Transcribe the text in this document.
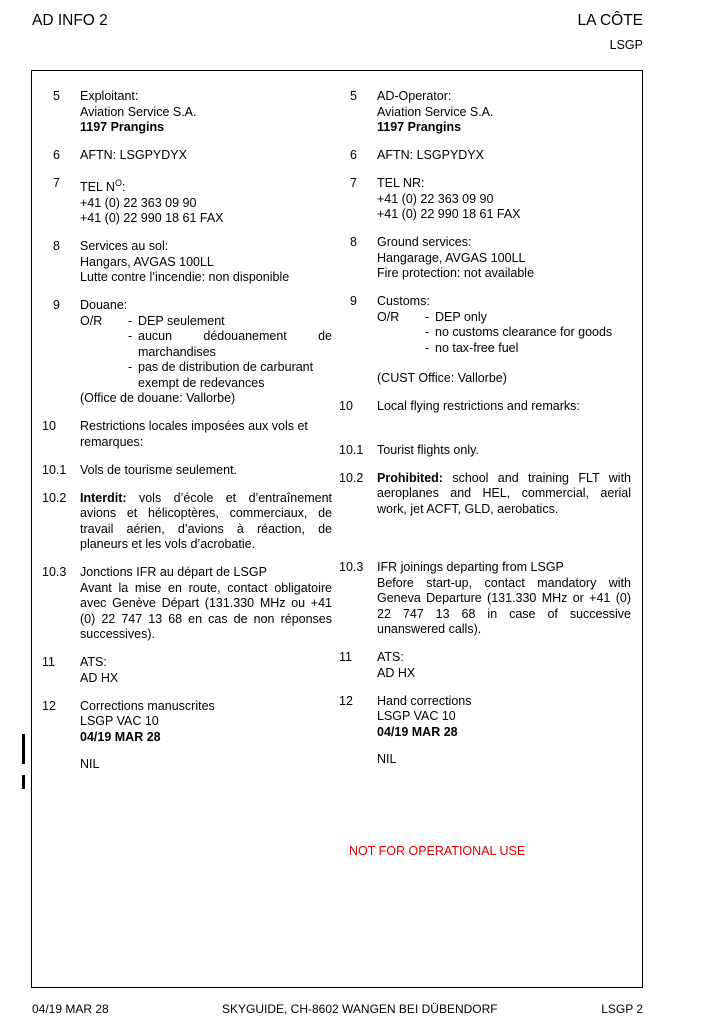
AD INFO 2	LA CÔTE
LSGP
5	Exploitant:
Aviation Service S.A.
1197 Prangins
6	AFTN: LSGPYDYX
7	TEL $N^O$:
+41 (0) 22 363 09 90
+41 (0) 22 990 18 61 FAX
8	Services au sol:
Hangars, AVGAS 100LL
Lutte contre l’incendie: non disponible
9	Douane:
O/R	- DEP seulement
- aucun dédouanement de marchandises
- pas de distribution de carburant exempt de redevances
(Office de douane: Vallorbe)
10	Restrictions locales imposées aux vols et remarques:
10.1	Vols de tourisme seulement.
10.2	Interdit: vols d’école et d’entraînement avions et hélicoptères, commerciaux, de travail aérien, d’avions à réaction, de planeurs et les vols d’acrobatie.
10.3	Jonctions IFR au départ de LSGP
Avant la mise en route, contact obligatoire avec Genève Départ (131.330 MHz ou +41 (0) 22 747 13 68 en cas de non réponses successives).
11	ATS:
AD HX
12	Corrections manuscrites
LSGP VAC 10
04/19 MAR 28
NIL
5	AD-Operator:
Aviation Service S.A.
1197 Prangins
6	AFTN: LSGPYDYX
7	TEL NR:
+41 (0) 22 363 09 90
+41 (0) 22 990 18 61 FAX
8	Ground services:
Hangarage, AVGAS 100LL
Fire protection: not available
9	Customs:
O/R	- DEP only
- no customs clearance for goods
- no tax-free fuel
(CUST Office: Vallorbe)
10	Local flying restrictions and remarks:
10.1	Tourist flights only.
10.2	Prohibited: school and training FLT with aeroplanes and HEL, commercial, aerial work, jet ACFT, GLD, aerobatics.
10.3	IFR joinings departing from LSGP
Before start-up, contact mandatory with Geneva Departure (131.330 MHz or +41 (0) 22 747 13 68 in case of successive unanswered calls).
11	ATS:
AD HX
12	Hand corrections
LSGP VAC 10
04/19 MAR 28
NIL
NOT FOR OPERATIONAL USE
04/19 MAR 28	SKYGUIDE, CH-8602 WANGEN BEI DÜBENDORF	LSGP 2
